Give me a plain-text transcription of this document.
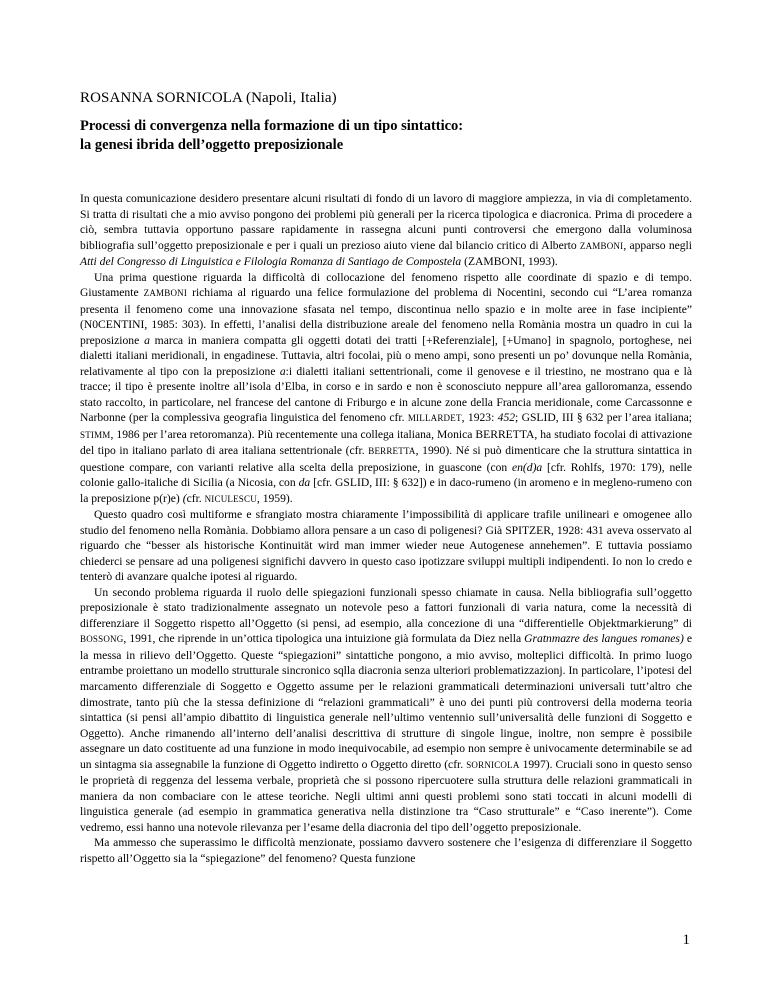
ROSANNA SORNICOLA (Napoli, Italia)
Processi di convergenza nella formazione di un tipo sintattico:
la genesi ibrida dell’oggetto preposizionale

In questa comunicazione desidero presentare alcuni risultati di fondo di un lavoro di maggiore ampiezza, in via di completamento. Si tratta di risultati che a mio avviso pongono dei problemi più generali per la ricerca tipologica e diacronica. Prima di procedere a ciò, sembra tuttavia opportuno passare rapidamente in rassegna alcuni punti controversi che emergono dalla voluminosa bibliografia sull’oggetto preposizionale e per i quali un prezioso aiuto viene dal bilancio critico di Alberto ZAMBONI, apparso negli Atti del Congresso di Linguistica e Filologia Romanza di Santiago de Compostela (ZAMBONI, 1993).

Una prima questione riguarda la difficoltà di collocazione del fenomeno rispetto alle coordinate di spazio e di tempo. Giustamente ZAMBONI richiama al riguardo una felice formulazione del problema di Nocentini, secondo cui “L’area romanza presenta il fenomeno come una innovazione sfasata nel tempo, discontinua nello spazio e in molte aree in fase incipiente” (N0CENTINI, 1985: 303). In effetti, l’analisi della distribuzione areale del fenomeno nella Romània mostra un quadro in cui la preposizione a marca in maniera compatta gli oggetti dotati dei tratti [+Referenziale], [+Umano] in spagnolo, portoghese, nei dialetti italiani meridionali, in engadinese. Tuttavia, altri focolai, più o meno ampi, sono presenti un po’ dovunque nella Romània, relativamente al tipo con la preposizione a:i dialetti italiani settentrionali, come il genovese e il triestino, ne mostrano qua e là tracce; il tipo è presente inoltre all’isola d’Elba, in corso e in sardo e non è sconosciuto neppure all’area galloromanza, essendo stato raccolto, in particolare, nel francese del cantone di Friburgo e in alcune zone della Francia meridionale, come Carcassonne e Narbonne (per la complessiva geografia linguistica del fenomeno cfr. MILLARDET, 1923: 452; GSLID, III § 632 per l’area italiana; STIMM, 1986 per l’area retoromanza). Più recentemente una collega italiana, Monica BERRETTA, ha studiato focolai di attivazione del tipo in italiano parlato di area italiana settentrionale (cfr. BERRETTA, 1990). Né si può dimenticare che la struttura sintattica in questione compare, con varianti relative alla scelta della preposizione, in guascone (con en(d)a [cfr. Rohlfs, 1970: 179), nelle colonie gallo-italiche di Sicilia (a Nicosia, con da [cfr. GSLID, III: § 632]) e in daco-rumeno (in aromeno e in megleno-rumeno con la preposizione p(r)e) (cfr. NICULESCU, 1959).

Questo quadro così multiforme e sfrangiato mostra chiaramente l’impossibilità di applicare trafile unilineari e omogenee allo studio del fenomeno nella Romània. Dobbiamo allora pensare a un caso di poligenesi? Già SPITZER, 1928: 431 aveva osservato al riguardo che “besser als historische Kontinuität wird man immer wieder neue Autogenese annehemen”. E tuttavia possiamo chiederci se pensare ad una poligenesi significhi davvero in questo caso ipotizzare sviluppi multipli indipendenti. Io non lo credo e tenterò di avanzare qualche ipotesi al riguardo.

Un secondo problema riguarda il ruolo delle spiegazioni funzionali spesso chiamate in causa. Nella bibliografia sull’oggetto preposizionale è stato tradizionalmente assegnato un notevole peso a fattori funzionali di varia natura, come la necessità di differenziare il Soggetto rispetto all’Oggetto (si pensi, ad esempio, alla concezione di una “differentielle Objektmarkierung” di BOSSONG, 1991, che riprende in un’ottica tipologica una intuizione già formulata da Diez nella Gratnmazre des langues romanes) e la messa in rilievo dell’Oggetto. Queste “spiegazioni” sintattiche pongono, a mio avviso, molteplici difficoltà. In primo luogo entrambe proiettano un modello strutturale sincronico sqlla diacronia senza ulteriori problematizzazionj. In particolare, l’ipotesi del marcamento differenziale di Soggetto e Oggetto assume per le relazioni grammaticali determinazioni universali tutt’altro che dimostrate, tanto più che la stessa definizione di “relazioni grammaticali” è uno dei punti più controversi della moderna teoria sintattica (si pensi all’ampio dibattito di linguistica generale nell’ultimo ventennio sull’universalità delle funzioni di Soggetto e Oggetto). Anche rimanendo all’interno dell’analisi descrittiva di strutture di singole lingue, inoltre, non sempre è possibile assegnare un dato costituente ad una funzione in modo inequivocabile, ad esempio non sempre è univocamente determinabile se ad un sintagma sia assegnabile la funzione di Oggetto indiretto o Oggetto diretto (cfr. SORNICOLA 1997). Cruciali sono in questo senso le proprietà di reggenza del lessema verbale, proprietà che si possono ripercuotere sulla struttura delle relazioni grammaticali in maniera da non combaciare con le attese teoriche. Negli ultimi anni questi problemi sono stati toccati in alcuni modelli di linguistica generale (ad esempio in grammatica generativa nella distinzione tra “Caso strutturale” e “Caso inerente”). Come vedremo, essi hanno una notevole rilevanza per l’esame della diacronia del tipo dell’oggetto preposizionale.

Ma ammesso che superassimo le difficoltà menzionate, possiamo davvero sostenere che l’esigenza di differenziare il Soggetto rispetto all’Oggetto sia la “spiegazione” del fenomeno? Questa funzione

1
